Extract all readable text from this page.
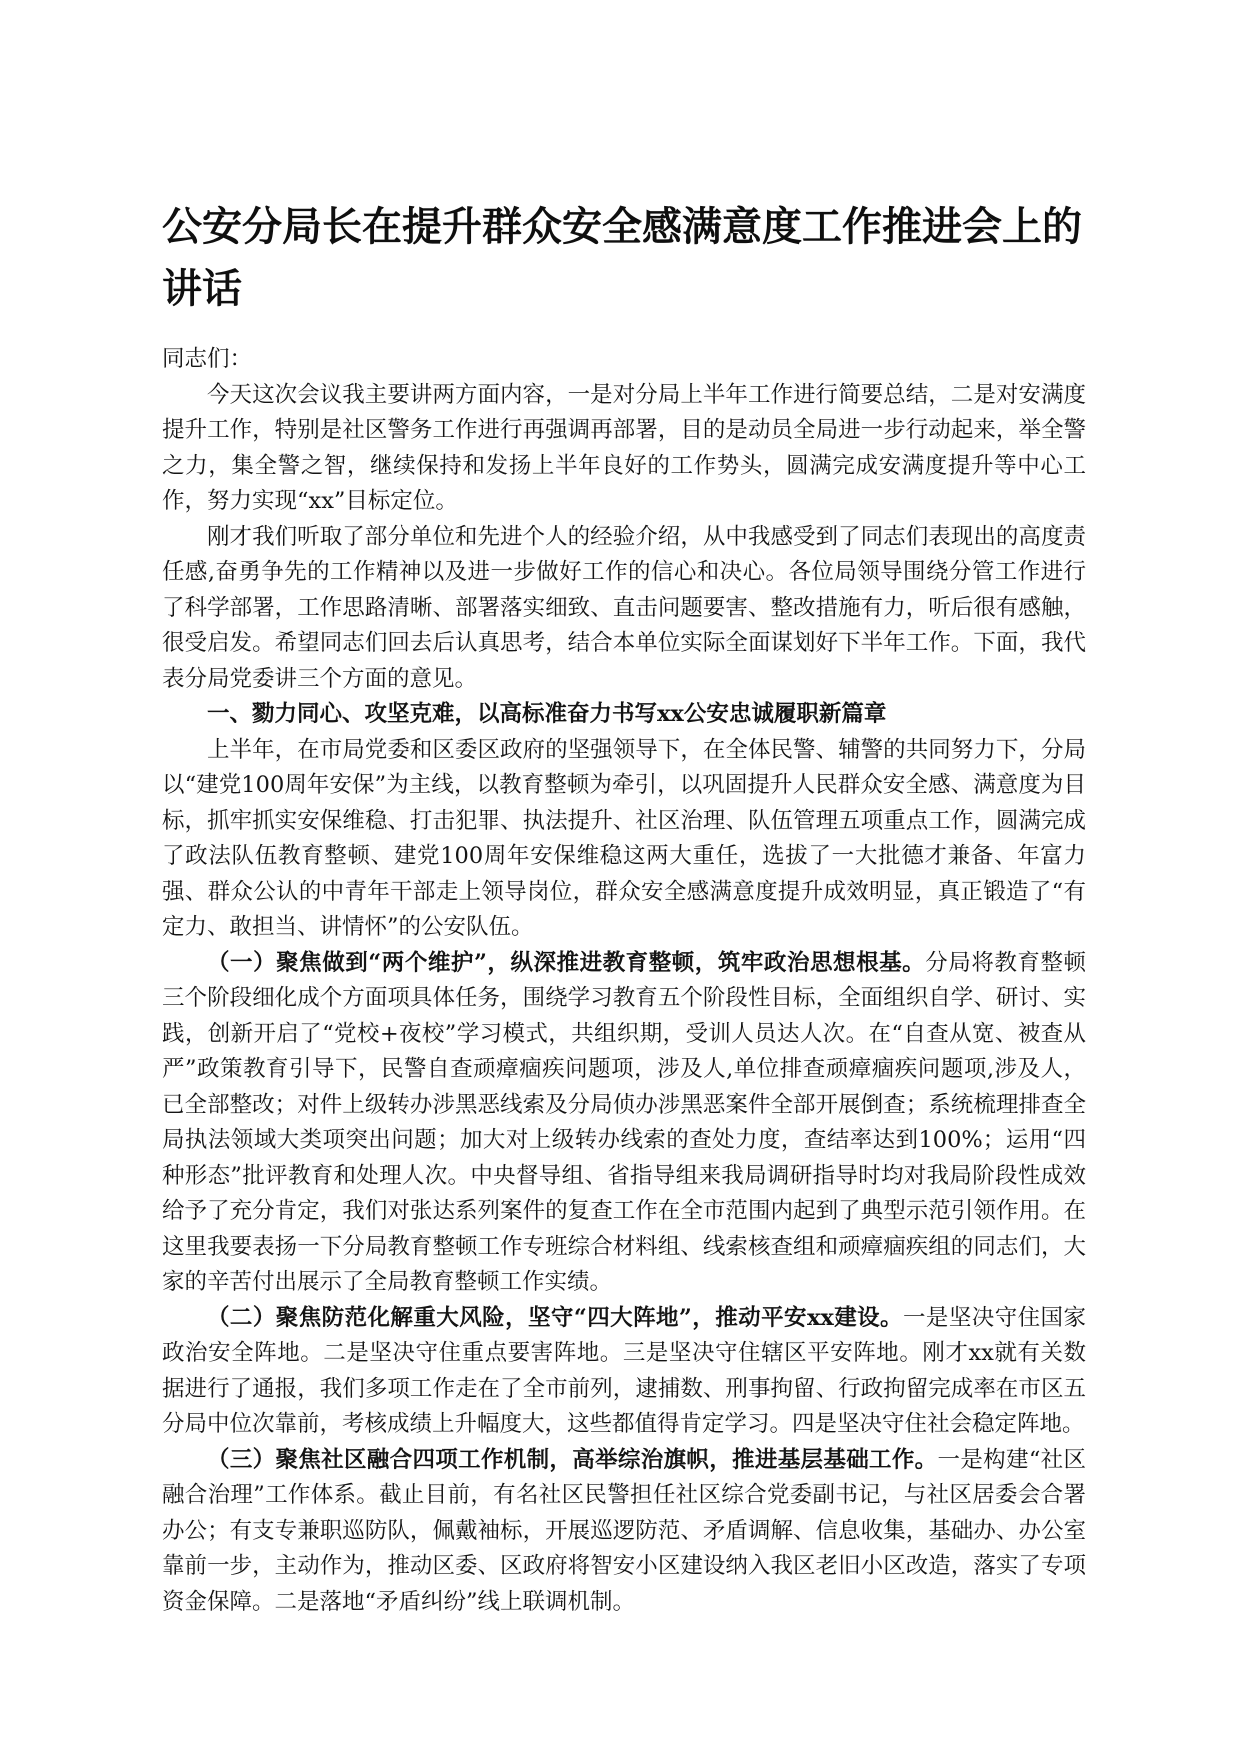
公安分局长在提升群众安全感满意度工作推进会上的讲话

同志们：

今天这次会议我主要讲两方面内容，一是对分局上半年工作进行简要总结，二是对安满度提升工作，特别是社区警务工作进行再强调再部署，目的是动员全局进一步行动起来，举全警之力，集全警之智，继续保持和发扬上半年良好的工作势头，圆满完成安满度提升等中心工作，努力实现“xx”目标定位。

刚才我们听取了部分单位和先进个人的经验介绍，从中我感受到了同志们表现出的高度责任感,奋勇争先的工作精神以及进一步做好工作的信心和决心。各位局领导围绕分管工作进行了科学部署，工作思路清晰、部署落实细致、直击问题要害、整改措施有力，听后很有感触，很受启发。希望同志们回去后认真思考，结合本单位实际全面谋划好下半年工作。下面，我代表分局党委讲三个方面的意见。

一、勠力同心、攻坚克难，以高标准奋力书写xx公安忠诚履职新篇章

上半年，在市局党委和区委区政府的坚强领导下，在全体民警、辅警的共同努力下，分局以“建党100周年安保”为主线，以教育整顿为牵引，以巩固提升人民群众安全感、满意度为目标，抓牢抓实安保维稳、打击犯罪、执法提升、社区治理、队伍管理五项重点工作，圆满完成了政法队伍教育整顿、建党100周年安保维稳这两大重任，选拔了一大批德才兼备、年富力强、群众公认的中青年干部走上领导岗位，群众安全感满意度提升成效明显，真正锻造了“有定力、敢担当、讲情怀”的公安队伍。

（一）聚焦做到“两个维护”，纵深推进教育整顿，筑牢政治思想根基。分局将教育整顿三个阶段细化成个方面项具体任务，围绕学习教育五个阶段性目标，全面组织自学、研讨、实践，创新开启了“党校+夜校”学习模式，共组织期，受训人员达人次。在“自查从宽、被查从严”政策教育引导下，民警自查顽瘴痼疾问题项，涉及人,单位排查顽瘴痼疾问题项,涉及人，已全部整改；对件上级转办涉黑恶线索及分局侦办涉黑恶案件全部开展倒查；系统梳理排查全局执法领域大类项突出问题；加大对上级转办线索的查处力度，查结率达到100%；运用“四种形态”批评教育和处理人次。中央督导组、省指导组来我局调研指导时均对我局阶段性成效给予了充分肯定，我们对张达系列案件的复查工作在全市范围内起到了典型示范引领作用。在这里我要表扬一下分局教育整顿工作专班综合材料组、线索核查组和顽瘴痼疾组的同志们，大家的辛苦付出展示了全局教育整顿工作实绩。

（二）聚焦防范化解重大风险，坚守“四大阵地”，推动平安xx建设。一是坚决守住国家政治安全阵地。二是坚决守住重点要害阵地。三是坚决守住辖区平安阵地。刚才xx就有关数据进行了通报，我们多项工作走在了全市前列，逮捕数、刑事拘留、行政拘留完成率在市区五分局中位次靠前，考核成绩上升幅度大，这些都值得肯定学习。四是坚决守住社会稳定阵地。

（三）聚焦社区融合四项工作机制，高举综治旗帜，推进基层基础工作。一是构建“社区融合治理”工作体系。截止目前，有名社区民警担任社区综合党委副书记，与社区居委会合署办公；有支专兼职巡防队，佩戴袖标，开展巡逻防范、矛盾调解、信息收集，基础办、办公室靠前一步，主动作为，推动区委、区政府将智安小区建设纳入我区老旧小区改造，落实了专项资金保障。二是落地“矛盾纠纷”线上联调机制。
